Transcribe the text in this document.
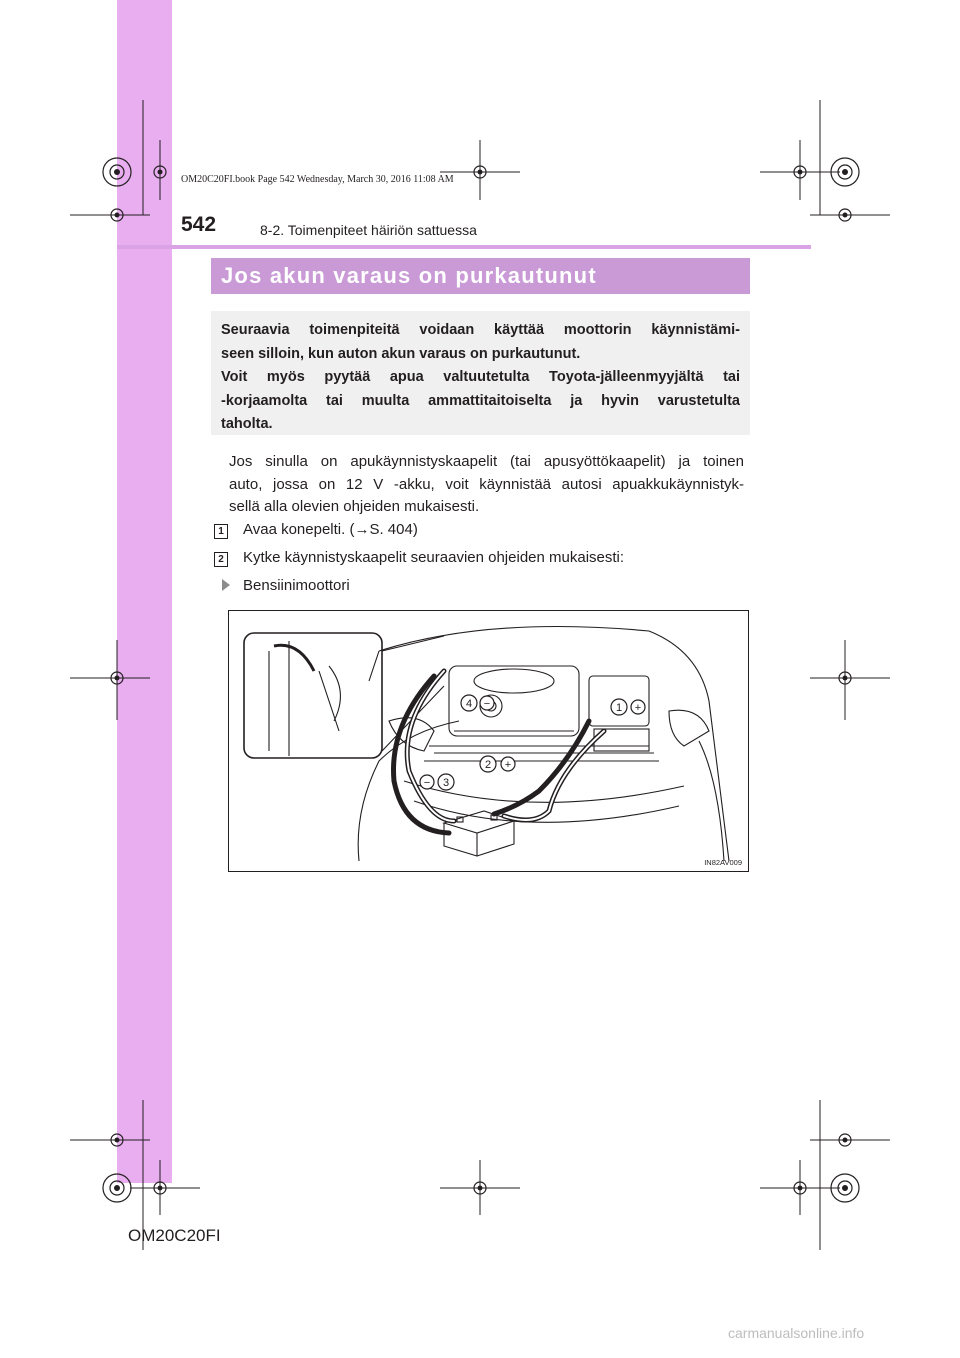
OM20C20FI.book Page 542 Wednesday, March 30, 2016 11:08 AM
542	8-2. Toimenpiteet häiriön sattuessa
Jos akun varaus on purkautunut
Seuraavia toimenpiteitä voidaan käyttää moottorin käynnistämi-
seen silloin, kun auton akun varaus on purkautunut.
Voit myös pyytää apua valtuutetulta Toyota-jälleenmyyjältä tai
-korjaamolta tai muulta ammattitaitoiselta ja hyvin varustetulta
taholta.
Jos sinulla on apukäynnistyskaapelit (tai apusyöttökaapelit) ja toinen
auto, jossa on 12 V -akku, voit käynnistää autosi apuakkukäynnistyk-
sellä alla olevien ohjeiden mukaisesti.
1 Avaa konepelti. (→S. 404)
2 Kytke käynnistyskaapelit seuraavien ohjeiden mukaisesti:
Bensiinimoottori
4	1
2
3
−	+
+
−
IN82AV009
OM20C20FI
carmanualsonline.info
